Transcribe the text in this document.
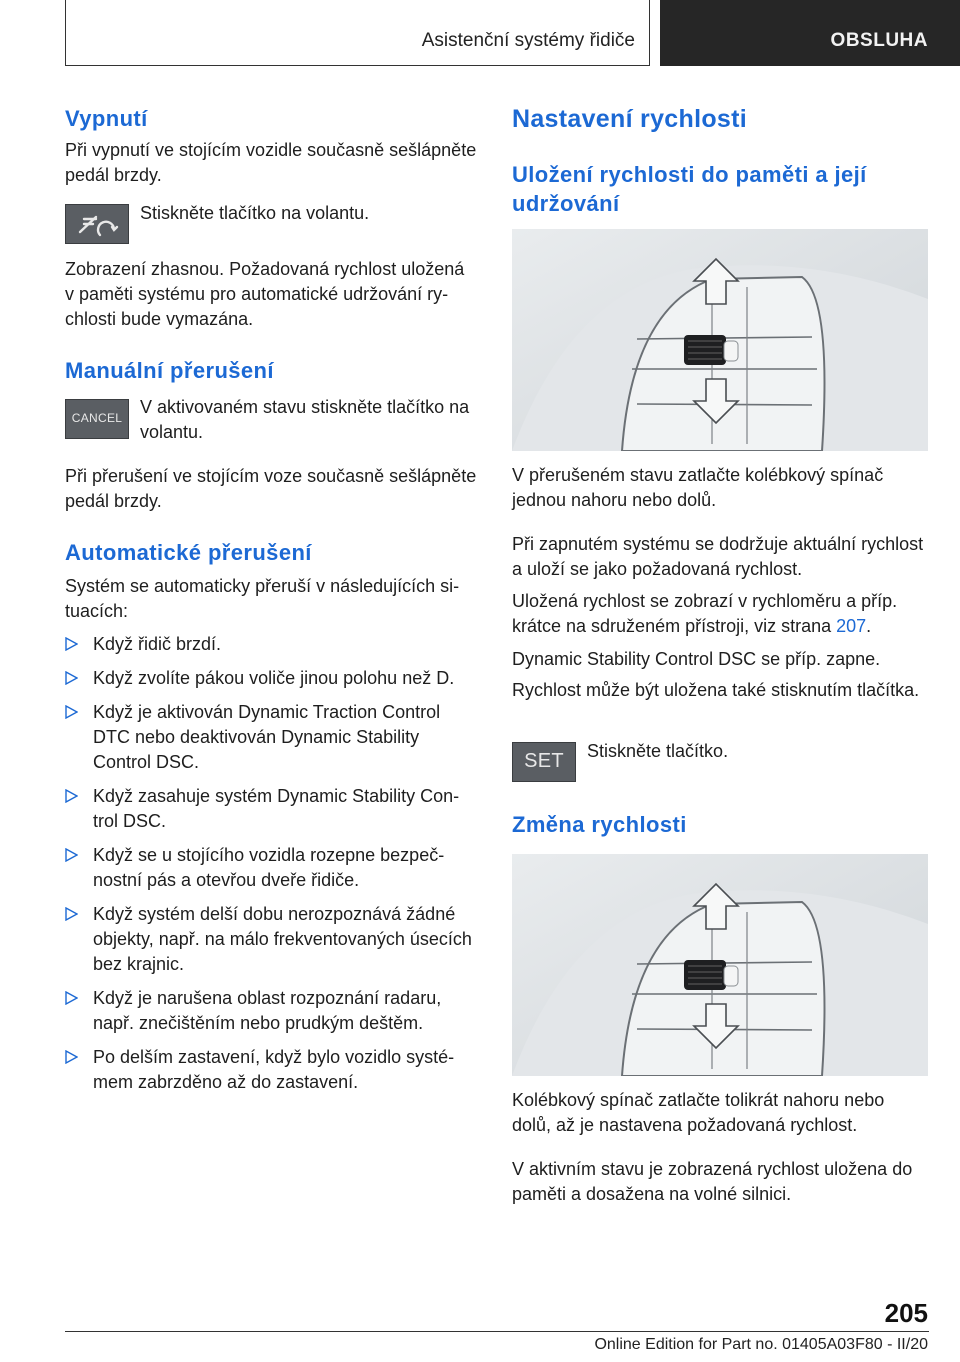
Asistenční systémy řidiče	OBSLUHA
Vypnutí

Při vypnutí ve stojícím vozidle současně sešlápněte pedál brzdy.

Stiskněte tlačítko na volantu.

Zobrazení zhasnou. Požadovaná rychlost uložená v paměti systému pro automatické udržování rychlosti bude vymazána.

Manuální přerušení
CANCEL

V aktivovaném stavu stiskněte tlačítko na volantu.

Při přerušení ve stojícím voze současně sešlápněte pedál brzdy.

Automatické přerušení

Systém se automaticky přeruší v následujících situacích:

Když řidič brzdí.
Když zvolíte pákou voliče jinou polohu než D.
Když je aktivován Dynamic Traction Control DTC nebo deaktivován Dynamic Stability Control DSC.
Když zasahuje systém Dynamic Stability Control DSC.
Když se u stojícího vozidla rozepne bezpečnostní pás a otevřou dveře řidiče.
Když systém delší dobu nerozpoznává žádné objekty, např. na málo frekventovaných úsecích bez krajnic.
Když je narušena oblast rozpoznání radaru, např. znečištěním nebo prudkým deštěm.
Po delším zastavení, když bylo vozidlo systémem zabrzděno až do zastavení.
Nastavení rychlosti
Uložení rychlosti do paměti a její udržování

V přerušeném stavu zatlačte kolébkový spínač jednou nahoru nebo dolů.

Při zapnutém systému se dodržuje aktuální rychlost a uloží se jako požadovaná rychlost.

Uložená rychlost se zobrazí v rychloměru a příp. krátce na sdruženém přístroji, viz strana 207.

Dynamic Stability Control DSC se příp. zapne.

Rychlost může být uložena také stisknutím tlačítka.

SET	Stiskněte tlačítko.

Změna rychlosti

Kolébkový spínač zatlačte tolikrát nahoru nebo dolů, až je nastavena požadovaná rychlost.

V aktivním stavu je zobrazená rychlost uložena do paměti a dosažena na volné silnici.

205
Online Edition for Part no. 01405A03F80 - II/20
